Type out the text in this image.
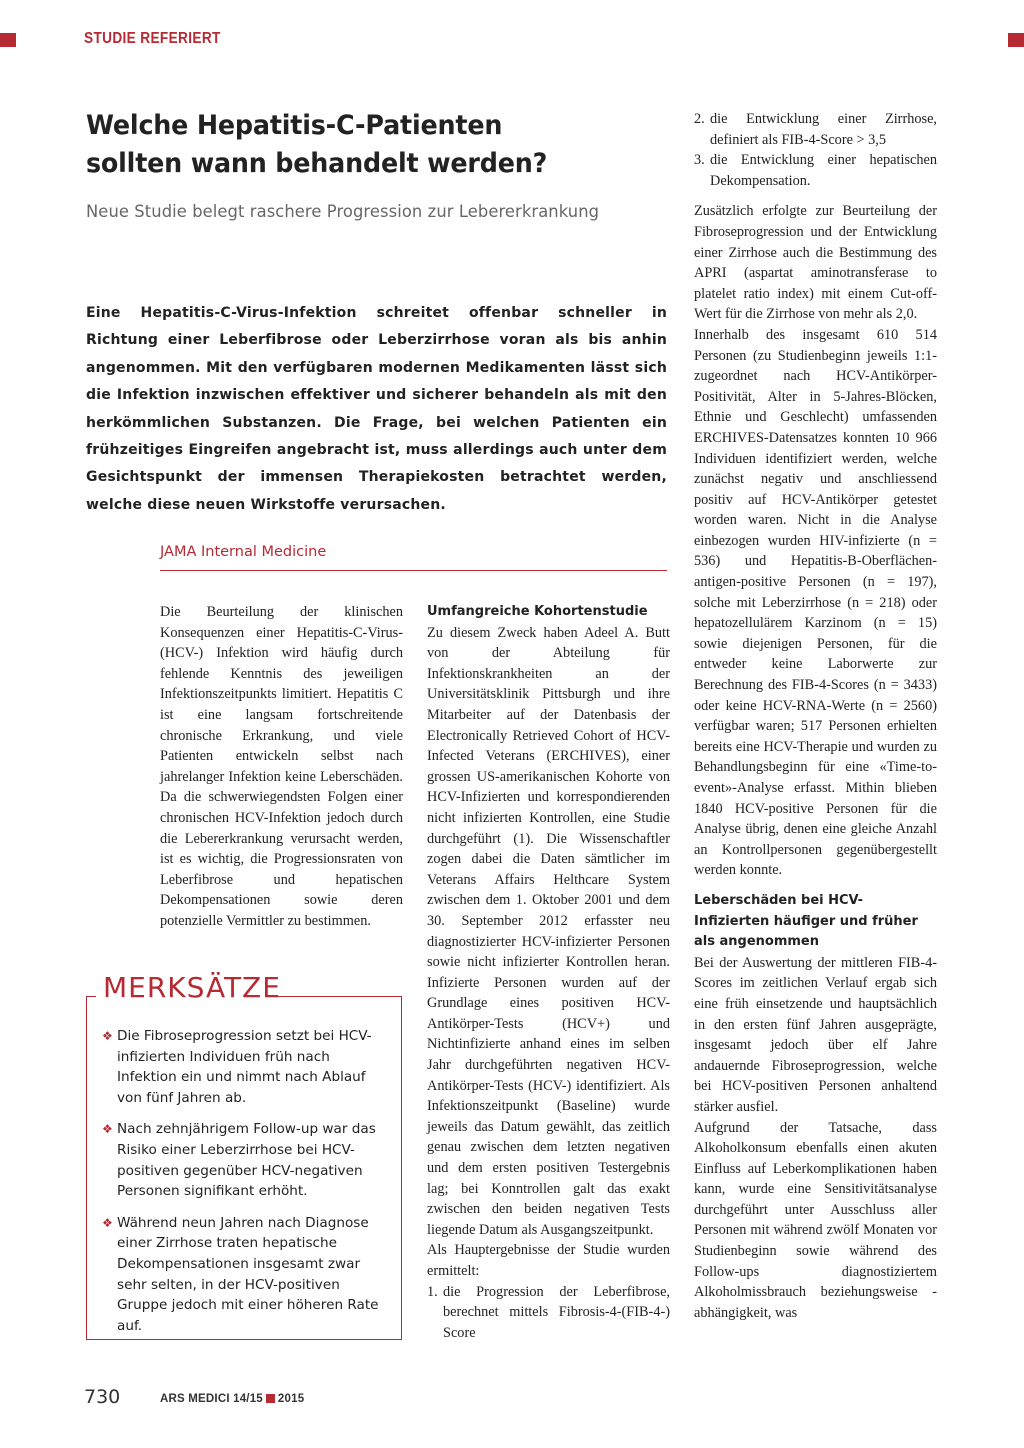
STUDIE REFERIERT
Welche Hepatitis-C-Patienten
sollten wann behandelt werden?
Neue Studie belegt raschere Progression zur Lebererkrankung

Eine Hepatitis-C-Virus-Infektion schreitet offenbar schneller in Richtung einer Leberfibrose oder Leberzirrhose voran als bis anhin angenommen. Mit den verfügbaren modernen Medikamenten lässt sich die Infektion inzwischen effektiver und sicherer behandeln als mit den herkömmlichen Substanzen. Die Frage, bei welchen Patienten ein frühzeitiges Eingreifen angebracht ist, muss allerdings auch unter dem Gesichtspunkt der immensen Therapiekosten betrachtet werden, welche diese neuen Wirkstoffe verursachen.

JAMA Internal Medicine

Die Beurteilung der klinischen Konsequenzen einer Hepatitis-C-Virus- (HCV-) Infektion wird häufig durch fehlende Kenntnis des jeweiligen Infektionszeitpunkts limitiert. Hepatitis C ist eine langsam fortschreitende chronische Erkrankung, und viele Patienten entwickeln selbst nach jahrelanger Infektion keine Leberschäden. Da die schwerwiegendsten Folgen einer chronischen HCV-Infektion jedoch durch die Lebererkrankung verursacht werden, ist es wichtig, die Progressionsraten von Leberfibrose und hepatischen Dekompensationen sowie deren potenzielle Vermittler zu bestimmen.

MERKSÄTZE
❖ Die Fibroseprogression setzt bei HCV-infizierten Individuen früh nach Infektion ein und nimmt nach Ablauf von fünf Jahren ab.
❖ Nach zehnjährigem Follow-up war das Risiko einer Leberzirrhose bei HCV-positiven gegenüber HCV-negativen Personen signifikant erhöht.
❖ Während neun Jahren nach Diagnose einer Zirrhose traten hepatische Dekompensationen insgesamt zwar sehr selten, in der HCV-positiven Gruppe jedoch mit einer höheren Rate auf.
Umfangreiche Kohortenstudie

Zu diesem Zweck haben Adeel A. Butt von der Abteilung für Infektionskrankheiten an der Universitätsklinik Pittsburgh und ihre Mitarbeiter auf der Datenbasis der Electronically Retrieved Cohort of HCV-Infected Veterans (ERCHIVES), einer grossen US-amerikanischen Kohorte von HCV-Infizierten und korrespondierenden nicht infizierten Kontrollen, eine Studie durchgeführt (1). Die Wissenschaftler zogen dabei die Daten sämtlicher im Veterans Affairs Helthcare System zwischen dem 1. Oktober 2001 und dem 30. September 2012 erfasster neu diagnostizierter HCV-infizierter Personen sowie nicht infizierter Kontrollen heran. Infizierte Personen wurden auf der Grundlage eines positiven HCV-Antikörper-Tests (HCV+) und Nichtinfizierte anhand eines im selben Jahr durchgeführten negativen HCV-Antikörper-Tests (HCV-) identifiziert. Als Infektionszeitpunkt (Baseline) wurde jeweils das Datum gewählt, das zeitlich genau zwischen dem letzten negativen und dem ersten positiven Testergebnis lag; bei Konntrollen galt das exakt zwischen den beiden negativen Tests liegende Datum als Ausgangszeitpunkt.

Als Hauptergebnisse der Studie wurden ermittelt:

1. die Progression der Leberfibrose, berechnet mittels Fibrosis-4-(FIB-4-) Score
2. die Entwicklung einer Zirrhose, definiert als FIB-4-Score > 3,5
3. die Entwicklung einer hepatischen Dekompensation.

Zusätzlich erfolgte zur Beurteilung der Fibroseprogression und der Entwicklung einer Zirrhose auch die Bestimmung des APRI (aspartat aminotransferase to platelet ratio index) mit einem Cut-off-Wert für die Zirrhose von mehr als 2,0.

Innerhalb des insgesamt 610 514 Personen (zu Studienbeginn jeweils 1:1-zugeordnet nach HCV-Antikörper-Positivität, Alter in 5-Jahres-Blöcken, Ethnie und Geschlecht) umfassenden ERCHIVES-Datensatzes konnten 10 966 Individuen identifiziert werden, welche zunächst negativ und anschliessend positiv auf HCV-Antikörper getestet worden waren. Nicht in die Analyse einbezogen wurden HIV-infizierte (n = 536) und Hepatitis-B-Oberflächen-antigen-positive Personen (n = 197), solche mit Leberzirrhose (n = 218) oder hepatozellulärem Karzinom (n = 15) sowie diejenigen Personen, für die entweder keine Laborwerte zur Berechnung des FIB-4-Scores (n = 3433) oder keine HCV-RNA-Werte (n = 2560) verfügbar waren; 517 Personen erhielten bereits eine HCV-Therapie und wurden zu Behandlungsbeginn für eine «Time-to-event»-Analyse erfasst. Mithin blieben 1840 HCV-positive Personen für die Analyse übrig, denen eine gleiche Anzahl an Kontrollpersonen gegenübergestellt werden konnte.

Leberschäden bei HCV-
Infizierten häufiger und früher
als angenommen

Bei der Auswertung der mittleren FIB-4-Scores im zeitlichen Verlauf ergab sich eine früh einsetzende und hauptsächlich in den ersten fünf Jahren ausgeprägte, insgesamt jedoch über elf Jahre andauernde Fibroseprogression, welche bei HCV-positiven Personen anhaltend stärker ausfiel.

Aufgrund der Tatsache, dass Alkoholkonsum ebenfalls einen akuten Einfluss auf Leberkomplikationen haben kann, wurde eine Sensitivitätsanalyse durchgeführt unter Ausschluss aller Personen mit während zwölf Monaten vor Studienbeginn sowie während des Follow-ups diagnostiziertem Alkoholmissbrauch beziehungsweise -abhängigkeit, was

730	ARS MEDICI 14/15 2015
